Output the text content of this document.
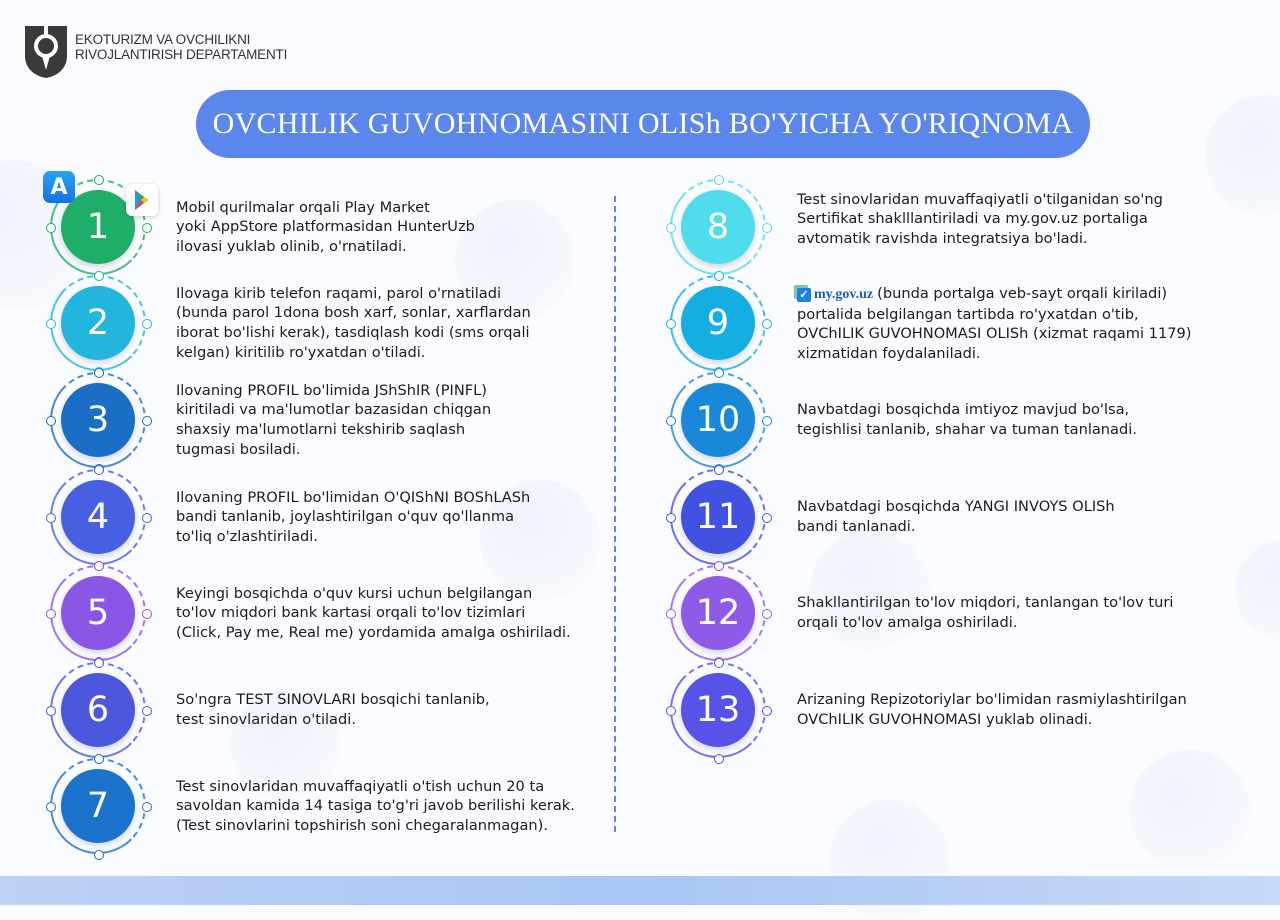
EKOTURIZM VA OVCHILIKNI
RIVOJLANTIRISH DEPARTAMENTI
OVCHILIK GUVOHNOMASINI OLISh BO'YICHA YO'RIQNOMA
1	Mobil qurilmalar orqali Play Market
yoki AppStore platformasidan HunterUzb
ilovasi yuklab olinib, o'rnatiladi.
2
Ilovaga kirib telefon raqami, parol o'rnatiladi
(bunda parol 1dona bosh xarf, sonlar, xarflardan
iborat bo'lishi kerak), tasdiqlash kodi (sms orqali
kelgan) kiritilib ro'yxatdan o'tiladi.
3
Ilovaning PROFIL bo'limida JShShIR (PINFL)
kiritiladi va ma'lumotlar bazasidan chiqgan
shaxsiy ma'lumotlarni tekshirib saqlash
tugmasi bosiladi.
4	Ilovaning PROFIL bo'limidan O'QIShNI BOShLASh
bandi tanlanib, joylashtirilgan o'quv qo'llanma
to'liq o'zlashtiriladi.
5	Keyingi bosqichda o'quv kursi uchun belgilangan
to'lov miqdori bank kartasi orqali to'lov tizimlari
(Click, Pay me, Real me) yordamida amalga oshiriladi.
6	So'ngra TEST SINOVLARI bosqichi tanlanib,
test sinovlaridan o'tiladi.
7	Test sinovlaridan muvaffaqiyatli o'tish uchun 20 ta
savoldan kamida 14 tasiga to'g'ri javob berilishi kerak.
(Test sinovlarini topshirish soni chegaralanmagan).
8
Test sinovlaridan muvaffaqiyatli o'tilganidan so'ng
Sertifikat shaklllantiriladi va my.gov.uz portaliga
avtomatik ravishda integratsiya bo'ladi.
9
✓ my.gov.uz (bunda portalga veb-sayt orqali kiriladi)
portalida belgilangan tartibda ro'yxatdan o'tib,
OVChILIK GUVOHNOMASI OLISh (xizmat raqami 1179)
xizmatidan foydalaniladi.
10	Navbatdagi bosqichda imtiyoz mavjud bo'lsa,
tegishlisi tanlanib, shahar va tuman tanlanadi.
11	Navbatdagi bosqichda YANGI INVOYS OLISh
bandi tanlanadi.
12	Shakllantirilgan to'lov miqdori, tanlangan to'lov turi
orqali to'lov amalga oshiriladi.
13	Arizaning Repizotoriylar bo'limidan rasmiylashtirilgan
OVChILIK GUVOHNOMASI yuklab olinadi.
A
